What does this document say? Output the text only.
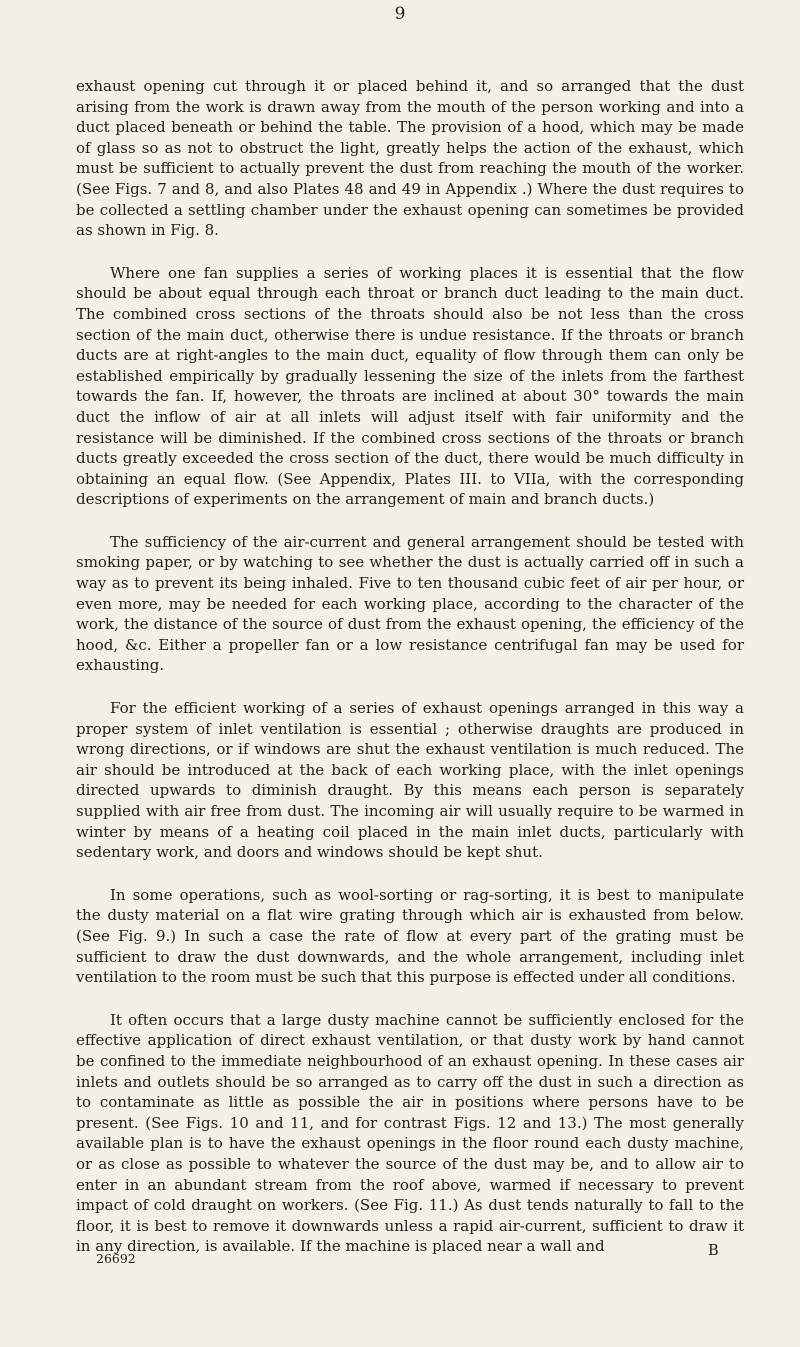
9

exhaust opening cut through it or placed behind it, and so arranged that the dust arising from the work is drawn away from the mouth of the person working and into a duct placed beneath or behind the table. The provision of a hood, which may be made of glass so as not to obstruct the light, greatly helps the action of the exhaust, which must be sufficient to actually prevent the dust from reaching the mouth of the worker. (See Figs. 7 and 8, and also Plates 48 and 49 in Appendix .) Where the dust requires to be collected a settling chamber under the exhaust opening can sometimes be provided as shown in Fig. 8.

Where one fan supplies a series of working places it is essential that the flow should be about equal through each throat or branch duct leading to the main duct. The combined cross sections of the throats should also be not less than the cross section of the main duct, otherwise there is undue resistance. If the throats or branch ducts are at right-angles to the main duct, equality of flow through them can only be established empirically by gradually lessening the size of the inlets from the farthest towards the fan. If, however, the throats are inclined at about 30° towards the main duct the inflow of air at all inlets will adjust itself with fair uniformity and the resistance will be diminished. If the combined cross sections of the throats or branch ducts greatly exceeded the cross section of the duct, there would be much difficulty in obtaining an equal flow. (See Appendix, Plates III. to VIIa, with the corresponding descriptions of experiments on the arrangement of main and branch ducts.)

The sufficiency of the air-current and general arrangement should be tested with smoking paper, or by watching to see whether the dust is actually carried off in such a way as to prevent its being inhaled. Five to ten thousand cubic feet of air per hour, or even more, may be needed for each working place, according to the character of the work, the distance of the source of dust from the exhaust opening, the efficiency of the hood, &c. Either a propeller fan or a low resistance centrifugal fan may be used for exhausting.

For the efficient working of a series of exhaust openings arranged in this way a proper system of inlet ventilation is essential ; otherwise draughts are produced in wrong directions, or if windows are shut the exhaust ventilation is much reduced. The air should be introduced at the back of each working place, with the inlet openings directed upwards to diminish draught. By this means each person is separately supplied with air free from dust. The incoming air will usually require to be warmed in winter by means of a heating coil placed in the main inlet ducts, particularly with sedentary work, and doors and windows should be kept shut.

In some operations, such as wool-sorting or rag-sorting, it is best to manipulate the dusty material on a flat wire grating through which air is exhausted from below. (See Fig. 9.) In such a case the rate of flow at every part of the grating must be sufficient to draw the dust downwards, and the whole arrangement, including inlet ventilation to the room must be such that this purpose is effected under all conditions.

It often occurs that a large dusty machine cannot be sufficiently enclosed for the effective application of direct exhaust ventilation, or that dusty work by hand cannot be confined to the immediate neighbourhood of an exhaust opening. In these cases air inlets and outlets should be so arranged as to carry off the dust in such a direction as to contaminate as little as possible the air in positions where persons have to be present. (See Figs. 10 and 11, and for contrast Figs. 12 and 13.) The most generally available plan is to have the exhaust openings in the floor round each dusty machine, or as close as possible to whatever the source of the dust may be, and to allow air to enter in an abundant stream from the roof above, warmed if necessary to prevent impact of cold draught on workers. (See Fig. 11.) As dust tends naturally to fall to the floor, it is best to remove it downwards unless a rapid air-current, sufficient to draw it in any direction, is available. If the machine is placed near a wall and

26692	B
